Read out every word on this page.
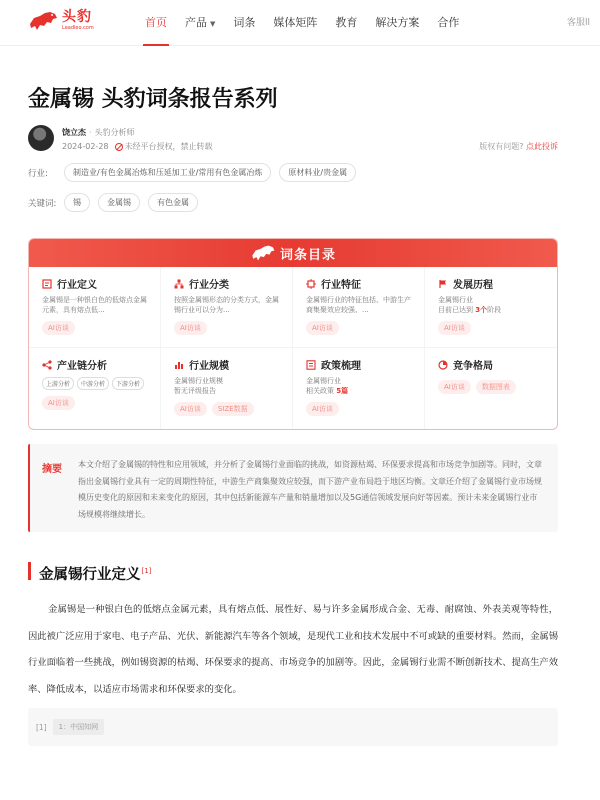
头豹
Leadleo.com	首页	产品 ▼	词条	媒体矩阵	教育	解决方案	合作	客服ll
金属锡 头豹词条报告系列
饶立杰 · 头豹分析师
2024-02-28 未经平台授权，禁止转载	版权有问题? 点此投诉
行业:	制造业/有色金属冶炼和压延加工业/常用有色金属冶炼	原材料业/贵金属
关键词:	锡	金属锡	有色金属
词条目录
行业定义
金属锡是一种银白色的低熔点金属元素，具有熔点低...
AI访谈
行业分类
按照金属锡形态的分类方式，金属锡行业可以分为...
AI访谈
行业特征
金属锡行业的特征包括、中游生产商集聚效应较强、...
AI访谈
发展历程
金属锡行业
目前已达到 3个阶段
AI访谈
产业链分析
上游分析	中游分析	下游分析
AI访谈
行业规模
金属锡行业规模
暂无评级报告
AI访谈	SIZE数据
政策梳理
金属锡行业
相关政策 5篇
AI访谈
竞争格局
AI访谈	数据图表
摘要 本文介绍了金属锡的特性和应用领域，并分析了金属锡行业面临的挑战，如资源枯竭、环保要求提高和市场竞争加剧等。同时，文章指出金属锡行业具有一定的周期性特征，中游生产商集聚效应较强，而下游产业布局趋于地区均衡。文章还介绍了金属锡行业市场规模历史变化的原因和未来变化的原因，其中包括新能源车产量和销量增加以及5G通信领域发展向好等因素。预计未来金属锡行业市场规模将继续增长。

金属锡行业定义[1]

金属锡是一种银白色的低熔点金属元素，具有熔点低、展性好、易与许多金属形成合金、无毒、耐腐蚀、外表美观等特性，因此被广泛应用于家电、电子产品、光伏、新能源汽车等各个领域，是现代工业和技术发展中不可或缺的重要材料。然而，金属锡行业面临着一些挑战，例如锡资源的枯竭、环保要求的提高、市场竞争的加剧等。因此，金属锡行业需不断创新技术、提高生产效率、降低成本，以适应市场需求和环保要求的变化。

[1]	1：中国知网
